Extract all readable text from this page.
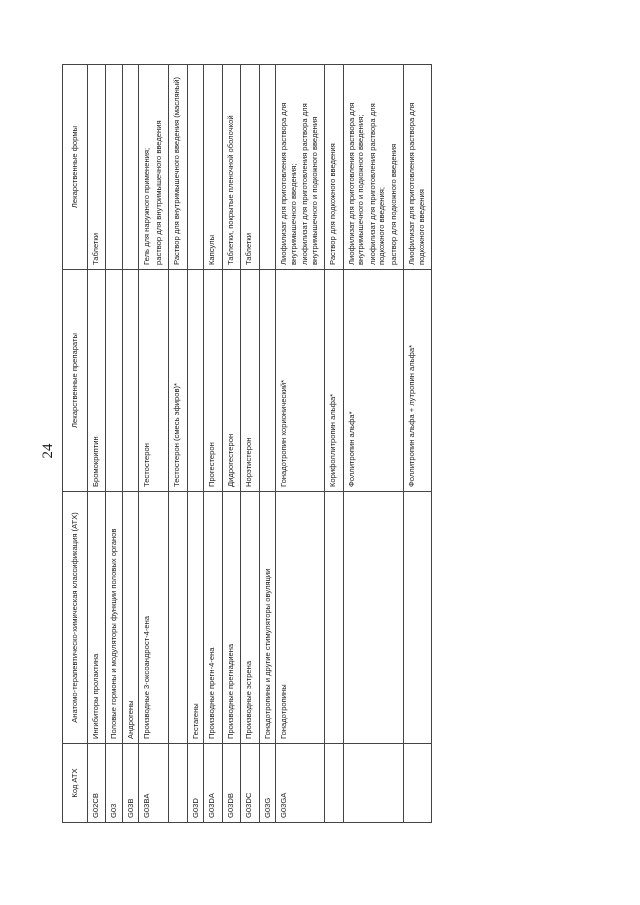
24
Код АТХ	Анатомо-терапевтическо-химическая классификация (АТХ)	Лекарственные препараты	Лекарственные формы
G02CB	Ингибиторы пролактина	Бромокриптин	Таблетки

G03	Половые гормоны и модуляторы функции половых органов		
G03B	Андрогены		
G03BA	Производные 3-оксоандрост-4-ена	Тестостерон	Гель для наружного применения; раствор для внутримышечного введения

		Тестостерон (смесь эфиров)*	Раствор для внутримышечного введения (масляный)

G03D	Гестагены		
G03DA	Производные прегн-4-ена	Прогестерон	Капсулы

G03DB	Производные прегнадиена	Дидрогестерон	Таблетки, покрытые пленочной оболочкой

G03DC	Производные эстрена	Норэтистерон	Таблетки

G03G	Гонадотропины и другие стимуляторы овуляции		
G03GA	Гонадотропины	Гонадотропин хорионический*	Лиофилизат для приготовления раствора для внутримышечного введения; лиофилизат для приготовления раствора для внутримышечного и подкожного введения

		Корифоллитропин альфа*	Раствор для подкожного введения

		Фоллитропин альфа*	Лиофилизат для приготовления раствора для внутримышечного и подкожного введения; лиофилизат для приготовления раствора для подкожного введения; раствор для подкожного введения

		Фоллитропин альфа + лутропин альфа*	Лиофилизат для приготовления раствора для подкожного введения
